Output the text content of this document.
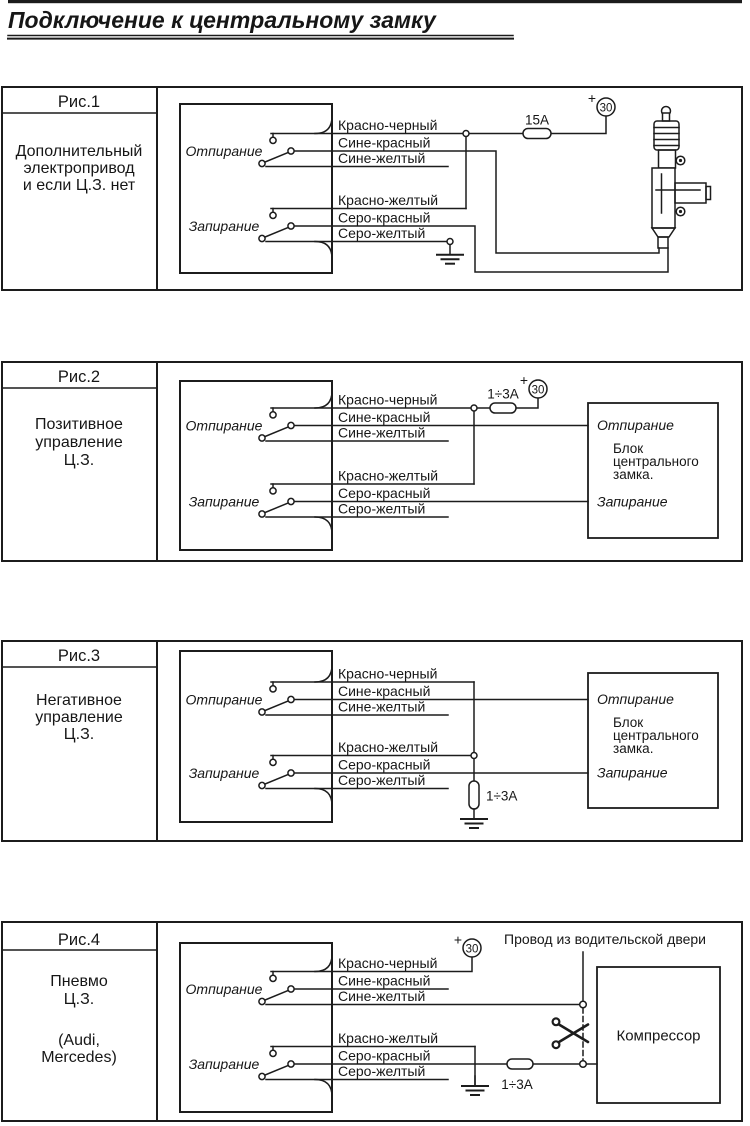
Подключение к центральному замку
Рис.1
Дополнительный
электропривод
и если Ц.З. нет
Отпирание
Запирание
Красно-черный
Сине-красный
Сине-желтый
Красно-желтый
Серо-красный
Серо-желтый
15A
30
+
Рис.2
Позитивное
управление
Ц.З.
Отпирание
Запирание
Красно-черный
Сине-красный
Сине-желтый
Красно-желтый
Серо-красный
Серо-желтый
1÷3А 30
+
Отпирание
Блок
центрального
замка.
Запирание
Рис.3
Негативное
управление
Ц.З.
Отпирание
Запирание
Красно-черный
Сине-красный
Сине-желтый
Красно-желтый
Серо-красный
Серо-желтый
1÷3А
Отпирание
Блок
центрального
замка.
Запирание
Рис.4
Пневмо
Ц.З.
(Audi,
Mercedes)
Отпирание
Запирание
Красно-черный
Сине-красный
Сине-желтый
Красно-желтый
Серо-красный
Серо-желтый
30
+
1÷3А
Провод из водительской двери
Компрессор
